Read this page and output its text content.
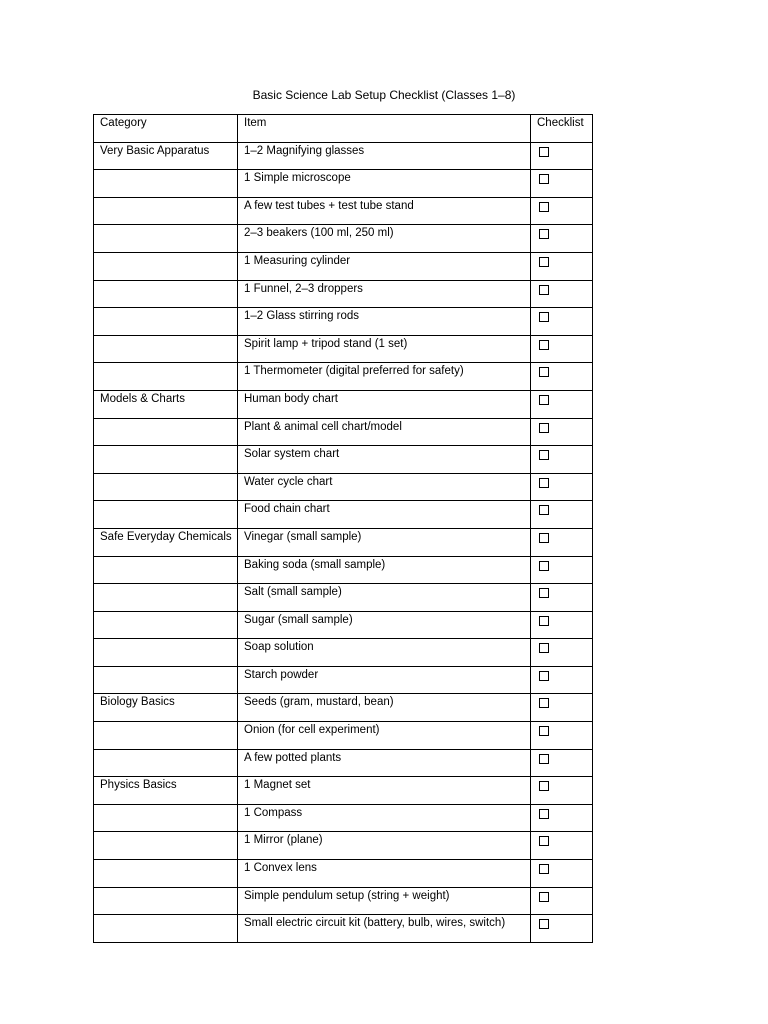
Basic Science Lab Setup Checklist (Classes 1–8)
Category	Item	Checklist
Very Basic Apparatus	1–2 Magnifying glasses	
	1 Simple microscope	
	A few test tubes + test tube stand	
	2–3 beakers (100 ml, 250 ml)	
	1 Measuring cylinder	
	1 Funnel, 2–3 droppers	
	1–2 Glass stirring rods	
	Spirit lamp + tripod stand (1 set)	
	1 Thermometer (digital preferred for safety)	
Models & Charts	Human body chart	
	Plant & animal cell chart/model	
	Solar system chart	
	Water cycle chart	
	Food chain chart	
Safe Everyday Chemicals	Vinegar (small sample)	
	Baking soda (small sample)	
	Salt (small sample)	
	Sugar (small sample)	
	Soap solution	
	Starch powder	
Biology Basics	Seeds (gram, mustard, bean)	
	Onion (for cell experiment)	
	A few potted plants	
Physics Basics	1 Magnet set	
	1 Compass	
	1 Mirror (plane)	
	1 Convex lens	
	Simple pendulum setup (string + weight)	
	Small electric circuit kit (battery, bulb, wires, switch)	
